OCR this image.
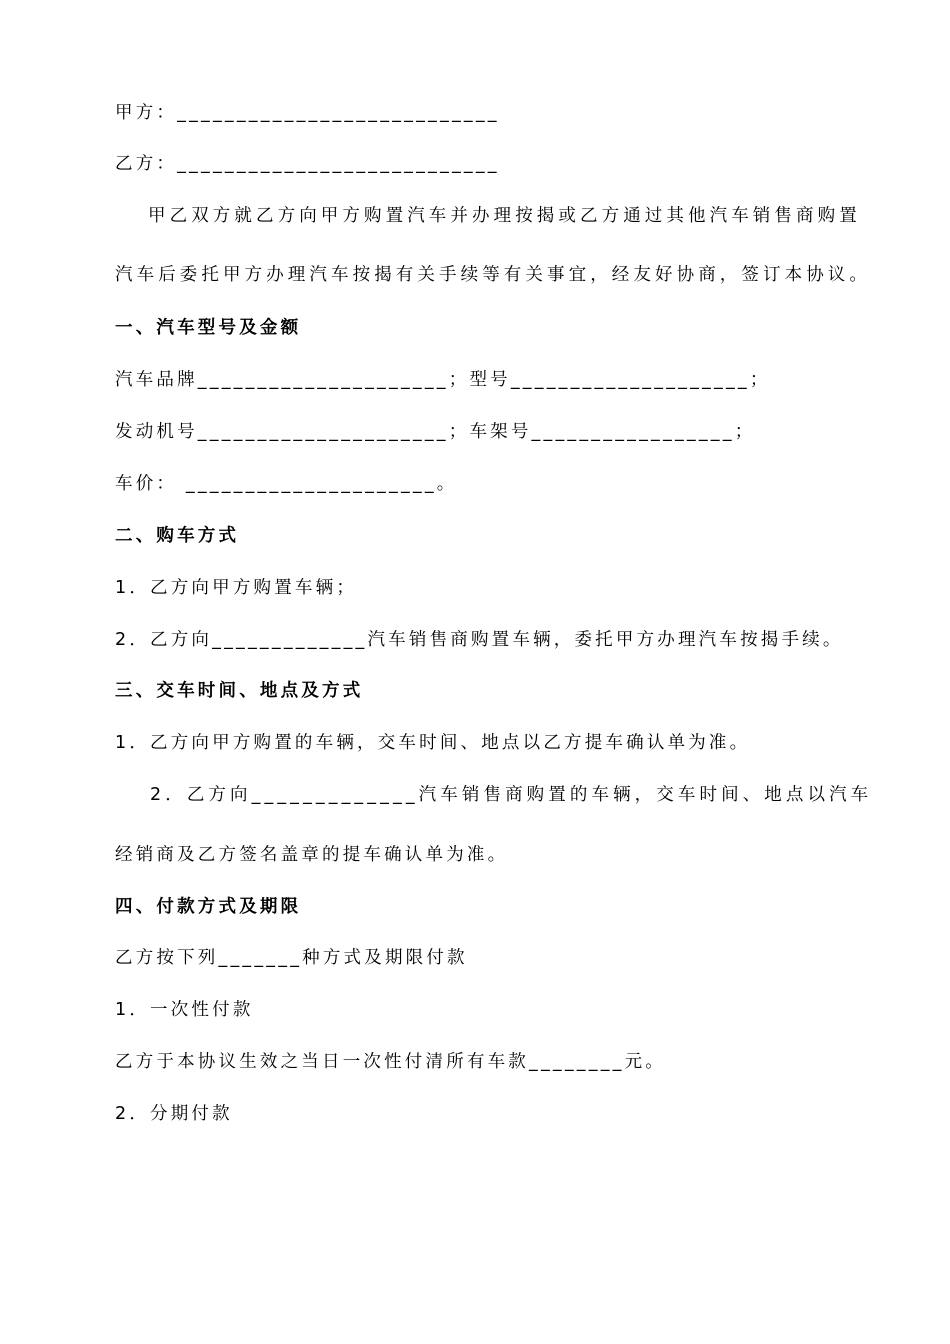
甲方：___________________________
乙方：___________________________
甲乙双方就乙方向甲方购置汽车并办理按揭或乙方通过其他汽车销售商购置
汽车后委托甲方办理汽车按揭有关手续等有关事宜，经友好协商，签订本协议。
一、汽车型号及金额
汽车品牌_____________________；型号____________________；
发动机号_____________________；车架号_________________；
车价： _____________________。
二、购车方式
1．乙方向甲方购置车辆；
2．乙方向_____________汽车销售商购置车辆，委托甲方办理汽车按揭手续。
三、交车时间、地点及方式
1．乙方向甲方购置的车辆，交车时间、地点以乙方提车确认单为准。
2．乙方向_____________汽车销售商购置的车辆，交车时间、地点以汽车
经销商及乙方签名盖章的提车确认单为准。
四、付款方式及期限
乙方按下列_______种方式及期限付款
1．一次性付款
乙方于本协议生效之当日一次性付清所有车款________元。
2．分期付款
